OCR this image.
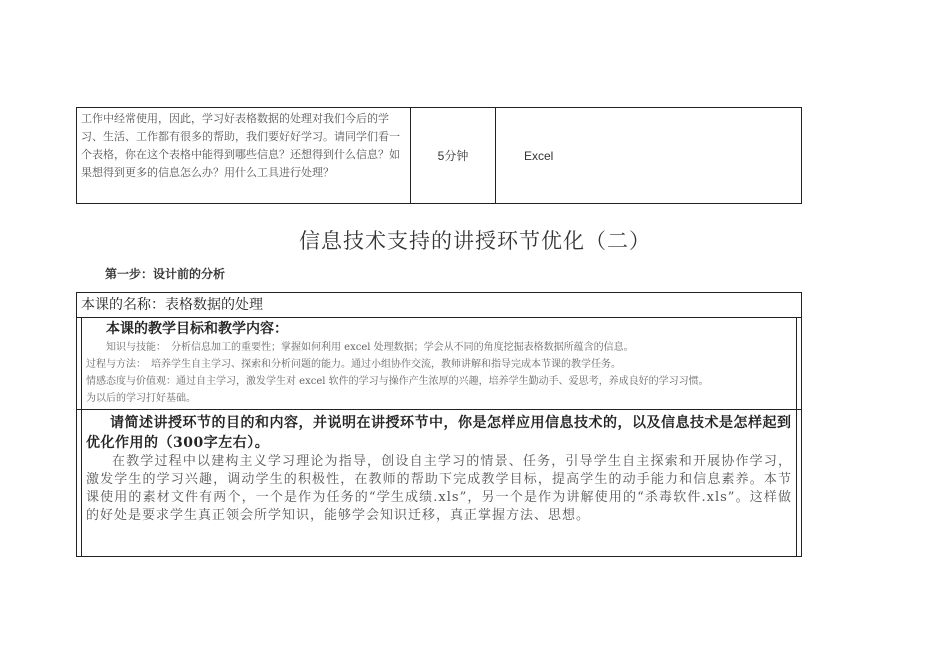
工作中经常使用，因此，学习好表格数据的处理对我们今后的学习、生活、工作都有很多的帮助，我们要好好学习。请同学们看一个表格，你在这个表格中能得到哪些信息？还想得到什么信息？如果想得到更多的信息怎么办？用什么工具进行处理？
5分钟	Excel
信息技术支持的讲授环节优化（二）
第一步：设计前的分析
本课的名称：表格数据的处理
本课的教学目标和教学内容：
知识与技能：　分析信息加工的重要性；掌握如何利用 excel 处理数据；学会从不同的角度挖掘表格数据所蕴含的信息。
过程与方法：　培养学生自主学习、探索和分析问题的能力。通过小组协作交流，教师讲解和指导完成本节课的教学任务。
情感态度与价值观：通过自主学习，激发学生对 excel 软件的学习与操作产生浓厚的兴趣，培养学生勤动手、爱思考，养成良好的学习习惯。
为以后的学习打好基础。
请简述讲授环节的目的和内容，并说明在讲授环节中，你是怎样应用信息技术的，以及信息技术是怎样起到优化作用的（300字左右）。
在教学过程中以建构主义学习理论为指导，创设自主学习的情景、任务，引导学生自主探索和开展协作学习，激发学生的学习兴趣，调动学生的积极性，在教师的帮助下完成教学目标，提高学生的动手能力和信息素养。本节课使用的素材文件有两个，一个是作为任务的“学生成绩.xls”，另一个是作为讲解使用的“杀毒软件.xls”。这样做的好处是要求学生真正领会所学知识，能够学会知识迁移，真正掌握方法、思想。
